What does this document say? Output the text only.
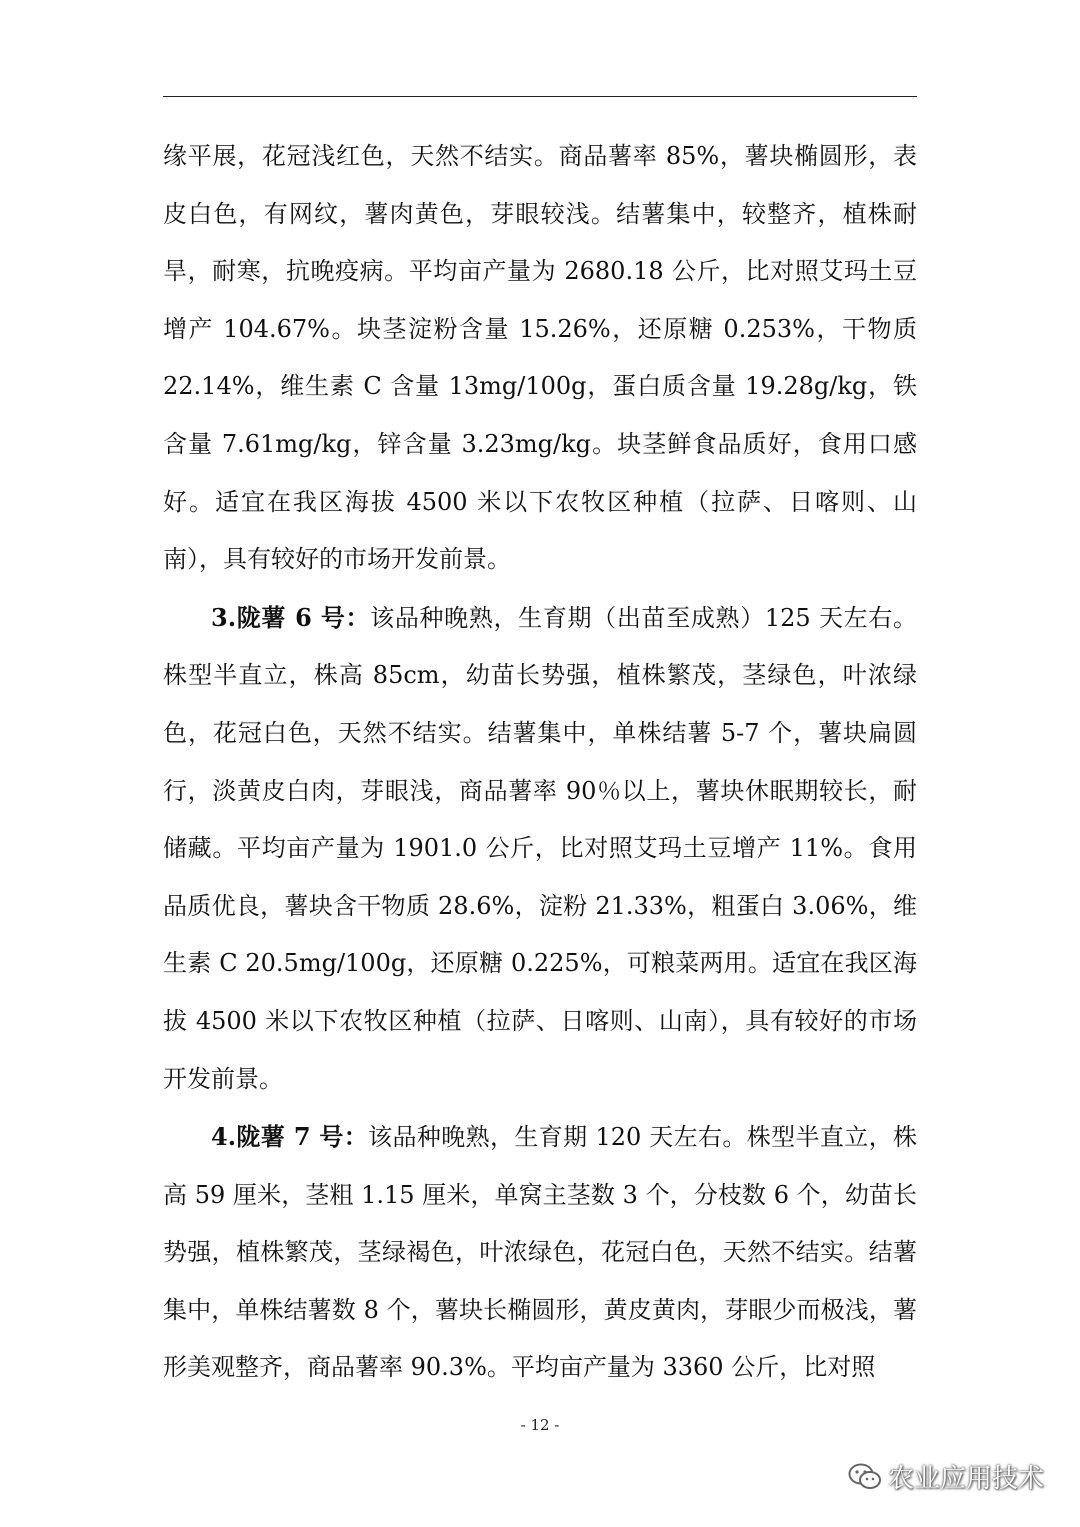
缘平展，花冠浅红色，天然不结实。商品薯率 85%，薯块椭圆形，表皮白色，有网纹，薯肉黄色，芽眼较浅。结薯集中，较整齐，植株耐旱，耐寒，抗晚疫病。平均亩产量为 2680.18 公斤，比对照艾玛土豆增产 104.67%。块茎淀粉含量 15.26%，还原糖 0.253%，干物质 22.14%，维生素 C 含量 13mg/100g，蛋白质含量 19.28g/kg，铁含量 7.61mg/kg，锌含量 3.23mg/kg。块茎鲜食品质好，食用口感好。适宜在我区海拔 4500 米以下农牧区种植（拉萨、日喀则、山南），具有较好的市场开发前景。

3.陇薯 6 号：该品种晚熟，生育期（出苗至成熟）125 天左右。株型半直立，株高 85cm，幼苗长势强，植株繁茂，茎绿色，叶浓绿色，花冠白色，天然不结实。结薯集中，单株结薯 5-7 个，薯块扁圆行，淡黄皮白肉，芽眼浅，商品薯率 90％以上，薯块休眠期较长，耐储藏。平均亩产量为 1901.0 公斤，比对照艾玛土豆增产 11%。食用品质优良，薯块含干物质 28.6%，淀粉 21.33%，粗蛋白 3.06%，维生素 C 20.5mg/100g，还原糖 0.225%，可粮菜两用。适宜在我区海拔 4500 米以下农牧区种植（拉萨、日喀则、山南），具有较好的市场开发前景。

4.陇薯 7 号：该品种晚熟，生育期 120 天左右。株型半直立，株高 59 厘米，茎粗 1.15 厘米，单窝主茎数 3 个，分枝数 6 个，幼苗长势强，植株繁茂，茎绿褐色，叶浓绿色，花冠白色，天然不结实。结薯集中，单株结薯数 8 个，薯块长椭圆形，黄皮黄肉，芽眼少而极浅，薯形美观整齐，商品薯率 90.3%。平均亩产量为 3360 公斤，比对照

- 12 -
农业应用技术
